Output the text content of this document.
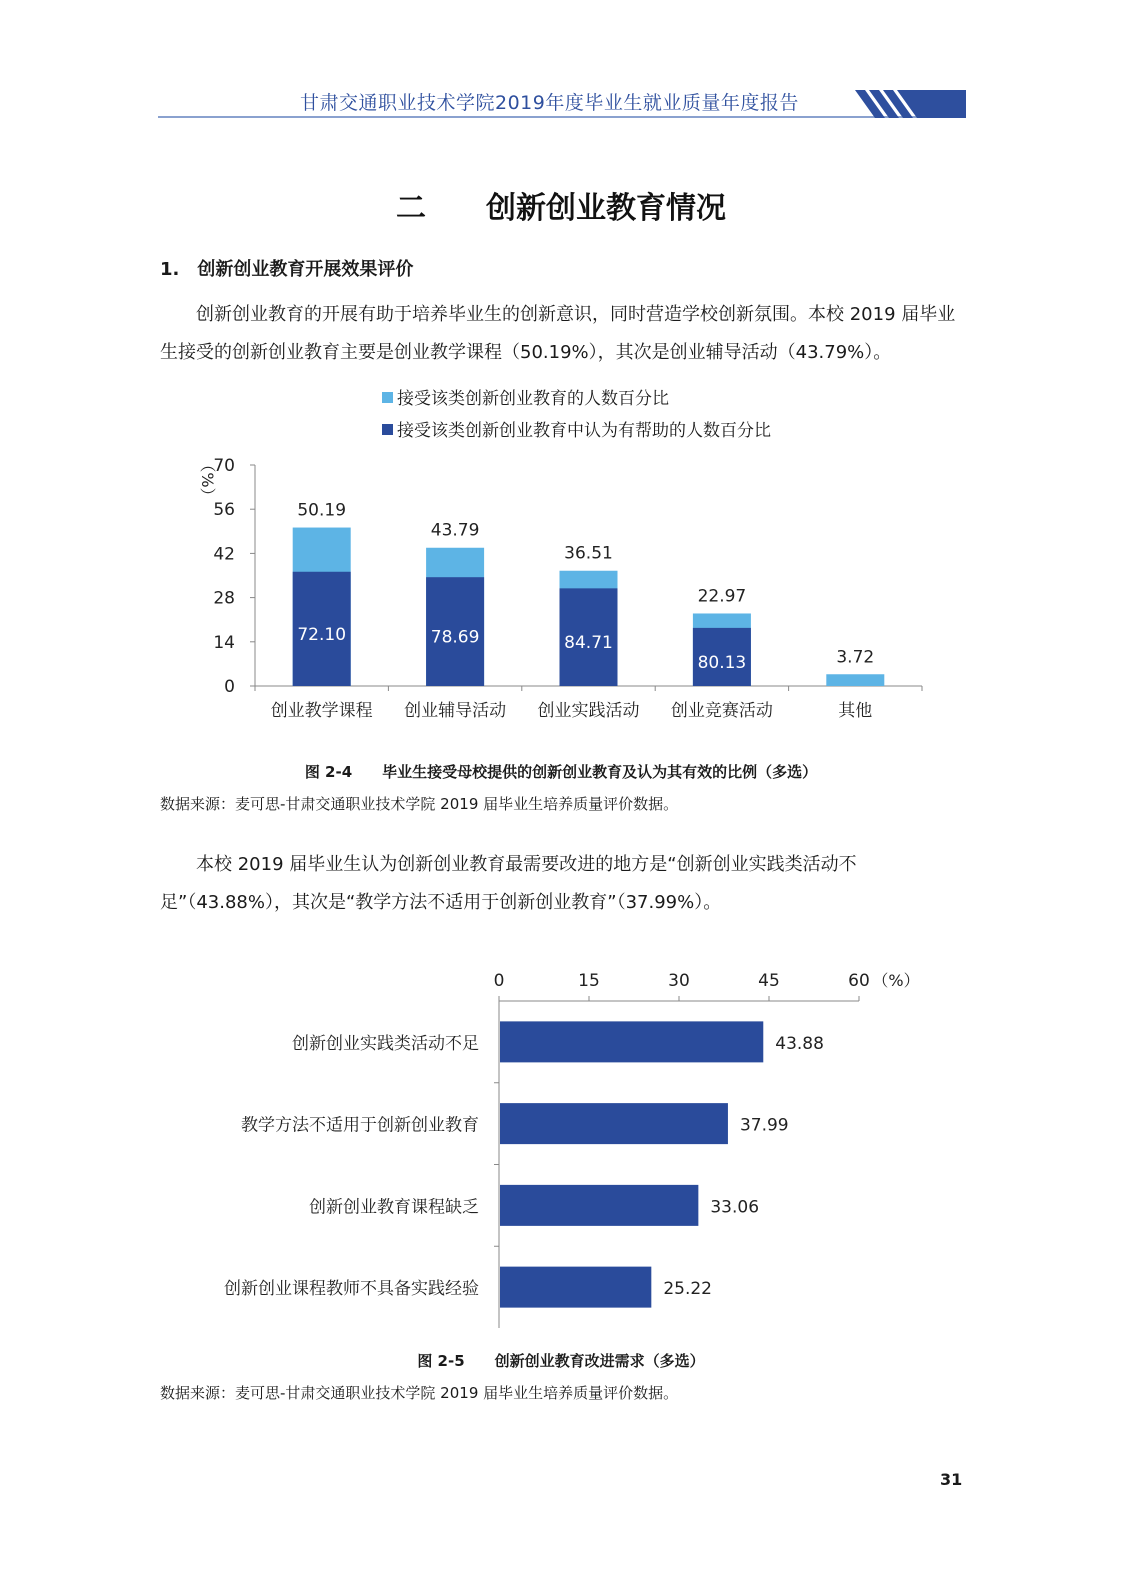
甘肃交通职业技术学院2019年度毕业生就业质量年度报告
二　　创新创业教育情况
1.　创新创业教育开展效果评价
创新创业教育的开展有助于培养毕业生的创新意识，同时营造学校创新氛围。本校 2019 届毕业生接受的创新创业教育主要是创业教学课程（50.19%），其次是创业辅导活动（43.79%）。
接受该类创新创业教育的人数百分比
接受该类创新创业教育中认为有帮助的人数百分比
0
14
28
42
56
70
（%）
50.19
72.10
创业教学课程
43.79
78.69
创业辅导活动
36.51
84.71
创业实践活动
22.97
80.13
创业竞赛活动
3.72
其他
图 2-4　　 毕业生接受母校提供的创新创业教育及认为其有效的比例（多选）
数据来源：麦可思-甘肃交通职业技术学院 2019 届毕业生培养质量评价数据。
本校 2019 届毕业生认为创新创业教育最需要改进的地方是“创新创业实践类活动不足”（43.88%），其次是“教学方法不适用于创新创业教育”（37.99%）。
0	15	30	45	60 （%）
43.88
创新创业实践类活动不足
37.99
教学方法不适用于创新创业教育
33.06
创新创业教育课程缺乏
25.22
创新创业课程教师不具备实践经验
图 2-5　　 创新创业教育改进需求（多选）
数据来源：麦可思-甘肃交通职业技术学院 2019 届毕业生培养质量评价数据。
31
